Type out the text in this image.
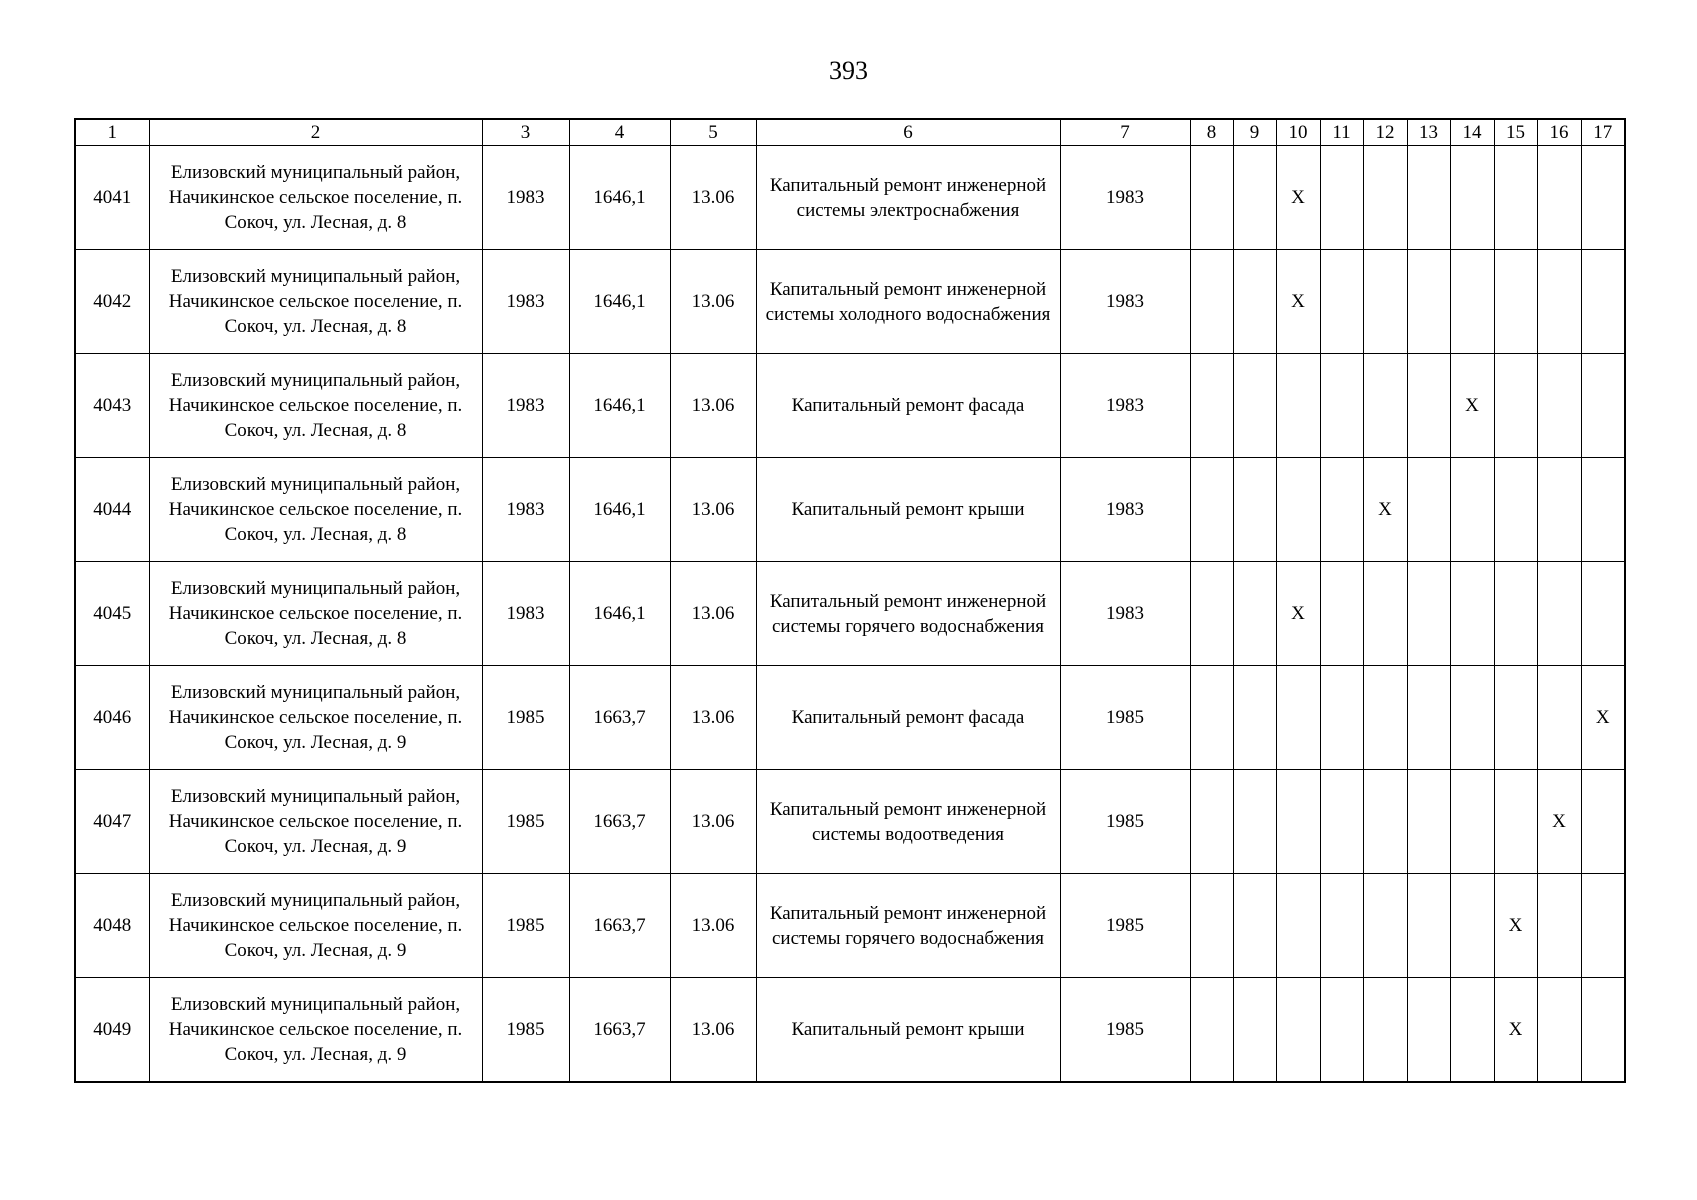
393
1	2	3	4	5	6	7	8	9	10	11	12	13	14	15	16	17
4041	Елизовский муниципальный район, Начикинское сельское поселение, п. Сокоч, ул. Лесная, д. 8	1983	1646,1	13.06	Капитальный ремонт инженерной системы электроснабжения	1983			X							
4042	Елизовский муниципальный район, Начикинское сельское поселение, п. Сокоч, ул. Лесная, д. 8	1983	1646,1	13.06	Капитальный ремонт инженерной системы холодного водоснабжения	1983			X							
4043	Елизовский муниципальный район, Начикинское сельское поселение, п. Сокоч, ул. Лесная, д. 8	1983	1646,1	13.06	Капитальный ремонт фасада	1983							X			
4044	Елизовский муниципальный район, Начикинское сельское поселение, п. Сокоч, ул. Лесная, д. 8	1983	1646,1	13.06	Капитальный ремонт крыши	1983					X					
4045	Елизовский муниципальный район, Начикинское сельское поселение, п. Сокоч, ул. Лесная, д. 8	1983	1646,1	13.06	Капитальный ремонт инженерной системы горячего водоснабжения	1983			X							
4046	Елизовский муниципальный район, Начикинское сельское поселение, п. Сокоч, ул. Лесная, д. 9	1985	1663,7	13.06	Капитальный ремонт фасада	1985										X
4047	Елизовский муниципальный район, Начикинское сельское поселение, п. Сокоч, ул. Лесная, д. 9	1985	1663,7	13.06	Капитальный ремонт инженерной системы водоотведения	1985									X	
4048	Елизовский муниципальный район, Начикинское сельское поселение, п. Сокоч, ул. Лесная, д. 9	1985	1663,7	13.06	Капитальный ремонт инженерной системы горячего водоснабжения	1985								X		
4049	Елизовский муниципальный район, Начикинское сельское поселение, п. Сокоч, ул. Лесная, д. 9	1985	1663,7	13.06	Капитальный ремонт крыши	1985								X		
